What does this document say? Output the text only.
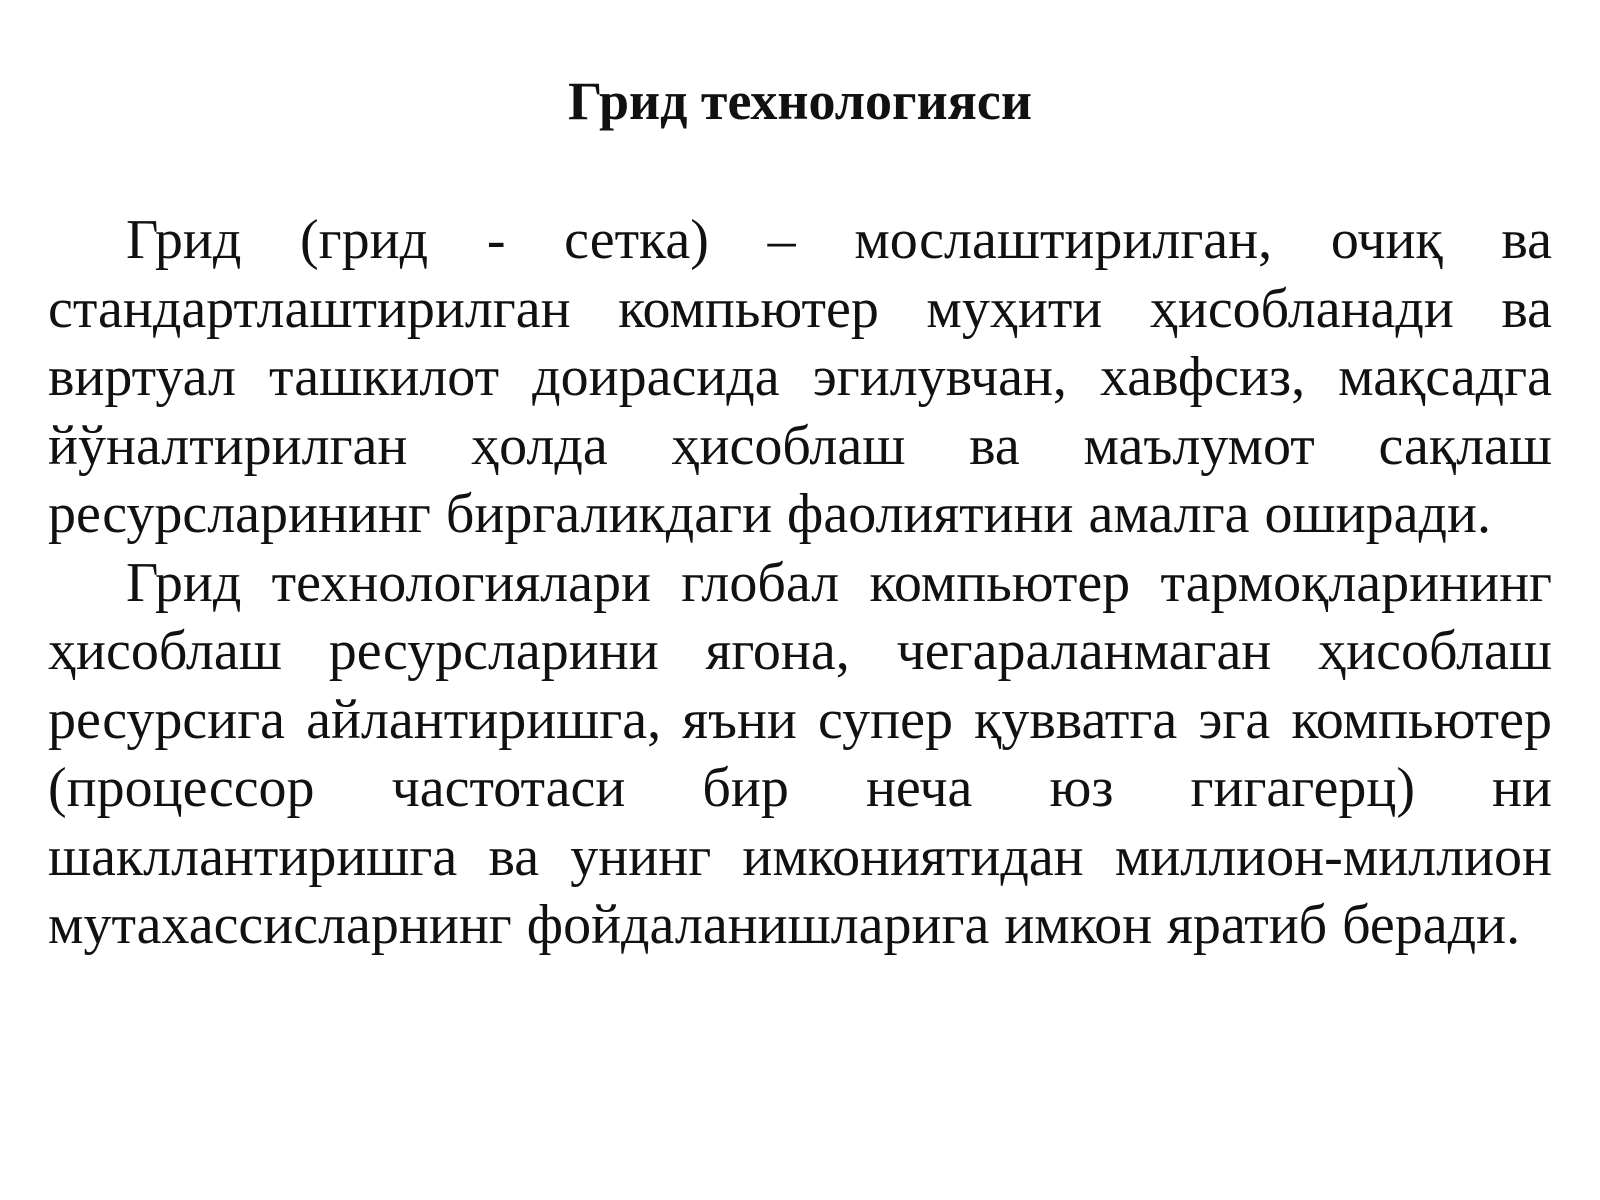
Грид технологияси

Грид (грид - сетка) – мослаштирилган, очиқ ва стандартлаштирилган компьютер муҳити ҳисобланади ва виртуал ташкилот доирасида эгилувчан, хавфсиз, мақсадга йўналтирилган ҳолда ҳисоблаш ва маълумот сақлаш ресурсларининг биргаликдаги фаолиятини амалга оширади.

Грид технологиялари глобал компьютер тармоқларининг ҳисоблаш ресурсларини ягона, чегараланмаган ҳисоблаш ресурсига айлантиришга, яъни супер қувватга эга компьютер (процессор частотаси бир неча юз гигагерц) ни шакллантиришга ва унинг имкониятидан миллион-миллион мутахассисларнинг фойдаланишларига имкон яратиб беради.
